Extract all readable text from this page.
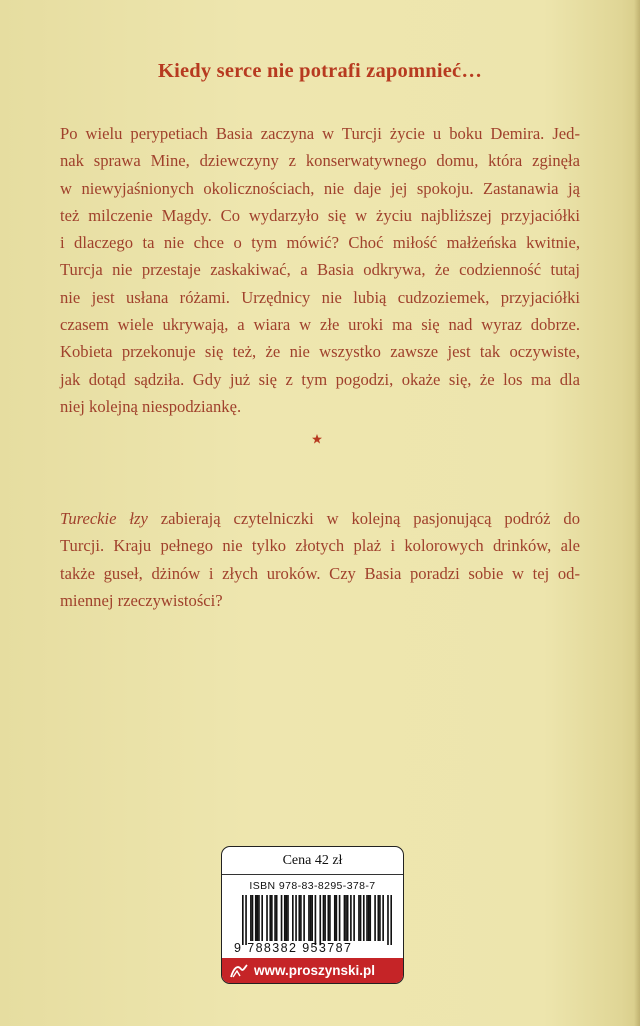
Kiedy serce nie potrafi zapomnieć…
Po wielu perypetiach Basia zaczyna w Turcji życie u boku Demira. Jed-
nak sprawa Mine, dziewczyny z konserwatywnego domu, która zginęła
w niewyjaśnionych okolicznościach, nie daje jej spokoju. Zastanawia ją
też milczenie Magdy. Co wydarzyło się w życiu najbliższej przyjaciółki
i dlaczego ta nie chce o tym mówić? Choć miłość małżeńska kwitnie,
Turcja nie przestaje zaskakiwać, a Basia odkrywa, że codzienność tutaj
nie jest usłana różami. Urzędnicy nie lubią cudzoziemek, przyjaciółki
czasem wiele ukrywają, a wiara w złe uroki ma się nad wyraz dobrze.
Kobieta przekonuje się też, że nie wszystko zawsze jest tak oczywiste,
jak dotąd sądziła. Gdy już się z tym pogodzi, okaże się, że los ma dla
niej kolejną niespodziankę.
Tureckie łzy zabierają czytelniczki w kolejną pasjonującą podróż do
Turcji. Kraju pełnego nie tylko złotych plaż i kolorowych drinków, ale
także guseł, dżinów i złych uroków. Czy Basia poradzi sobie w tej od-
miennej rzeczywistości?
Cena 42 zł
ISBN 978-83-8295-378-7
9 788382 953787
www.proszynski.pl
